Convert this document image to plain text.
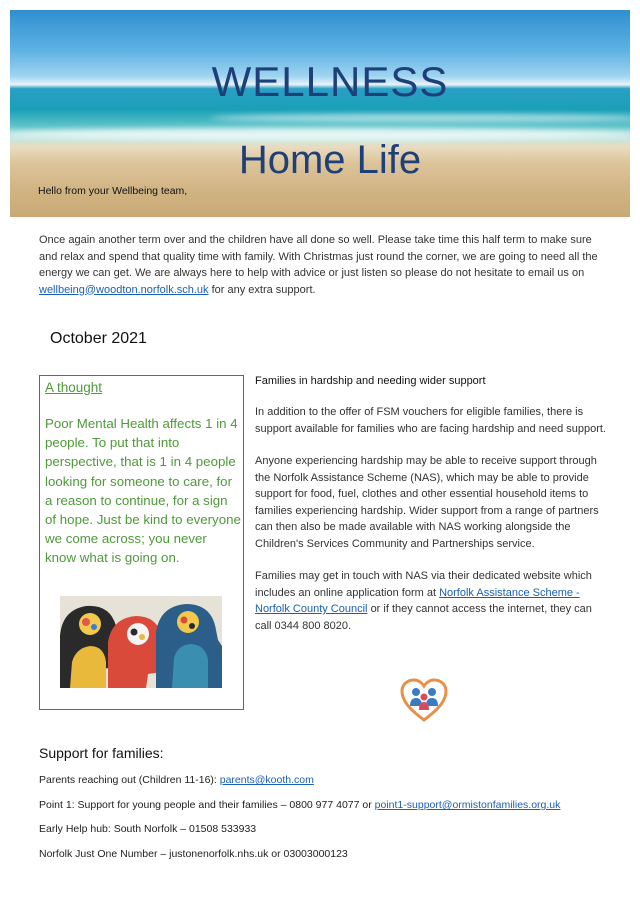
WELLNESS
Home Life
Hello from your Wellbeing team,
Once again another term over and the children have all done so well. Please take time this half term to make sure and relax and spend that quality time with family. With Christmas just round the corner, we are going to need all the energy we can get. We are always here to help with advice or just listen so please do not hesitate to email us on wellbeing@woodton.norfolk.sch.uk for any extra support.
October 2021
A thought
Poor Mental Health affects 1 in 4 people. To put that into perspective, that is 1 in 4 people looking for someone to care, for a reason to continue, for a sign of hope. Just be kind to everyone we come across; you never know what is going on.
Families in hardship and needing wider support

In addition to the offer of FSM vouchers for eligible families, there is support available for families who are facing hardship and need support.

Anyone experiencing hardship may be able to receive support through the Norfolk Assistance Scheme (NAS), which may be able to provide support for food, fuel, clothes and other essential household items to families experiencing hardship. Wider support from a range of partners can then also be made available with NAS working alongside the Children's Services Community and Partnerships service.

Families may get in touch with NAS via their dedicated website which includes an online application form at Norfolk Assistance Scheme - Norfolk County Council or if they cannot access the internet, they can call 0344 800 8020.

Support for families:
Parents reaching out (Children 11-16): parents@kooth.com
Point 1: Support for young people and their families – 0800 977 4077 or point1-support@ormistonfamilies.org.uk
Early Help hub: South Norfolk – 01508 533933
Norfolk Just One Number – justonenorfolk.nhs.uk or 03003000123
